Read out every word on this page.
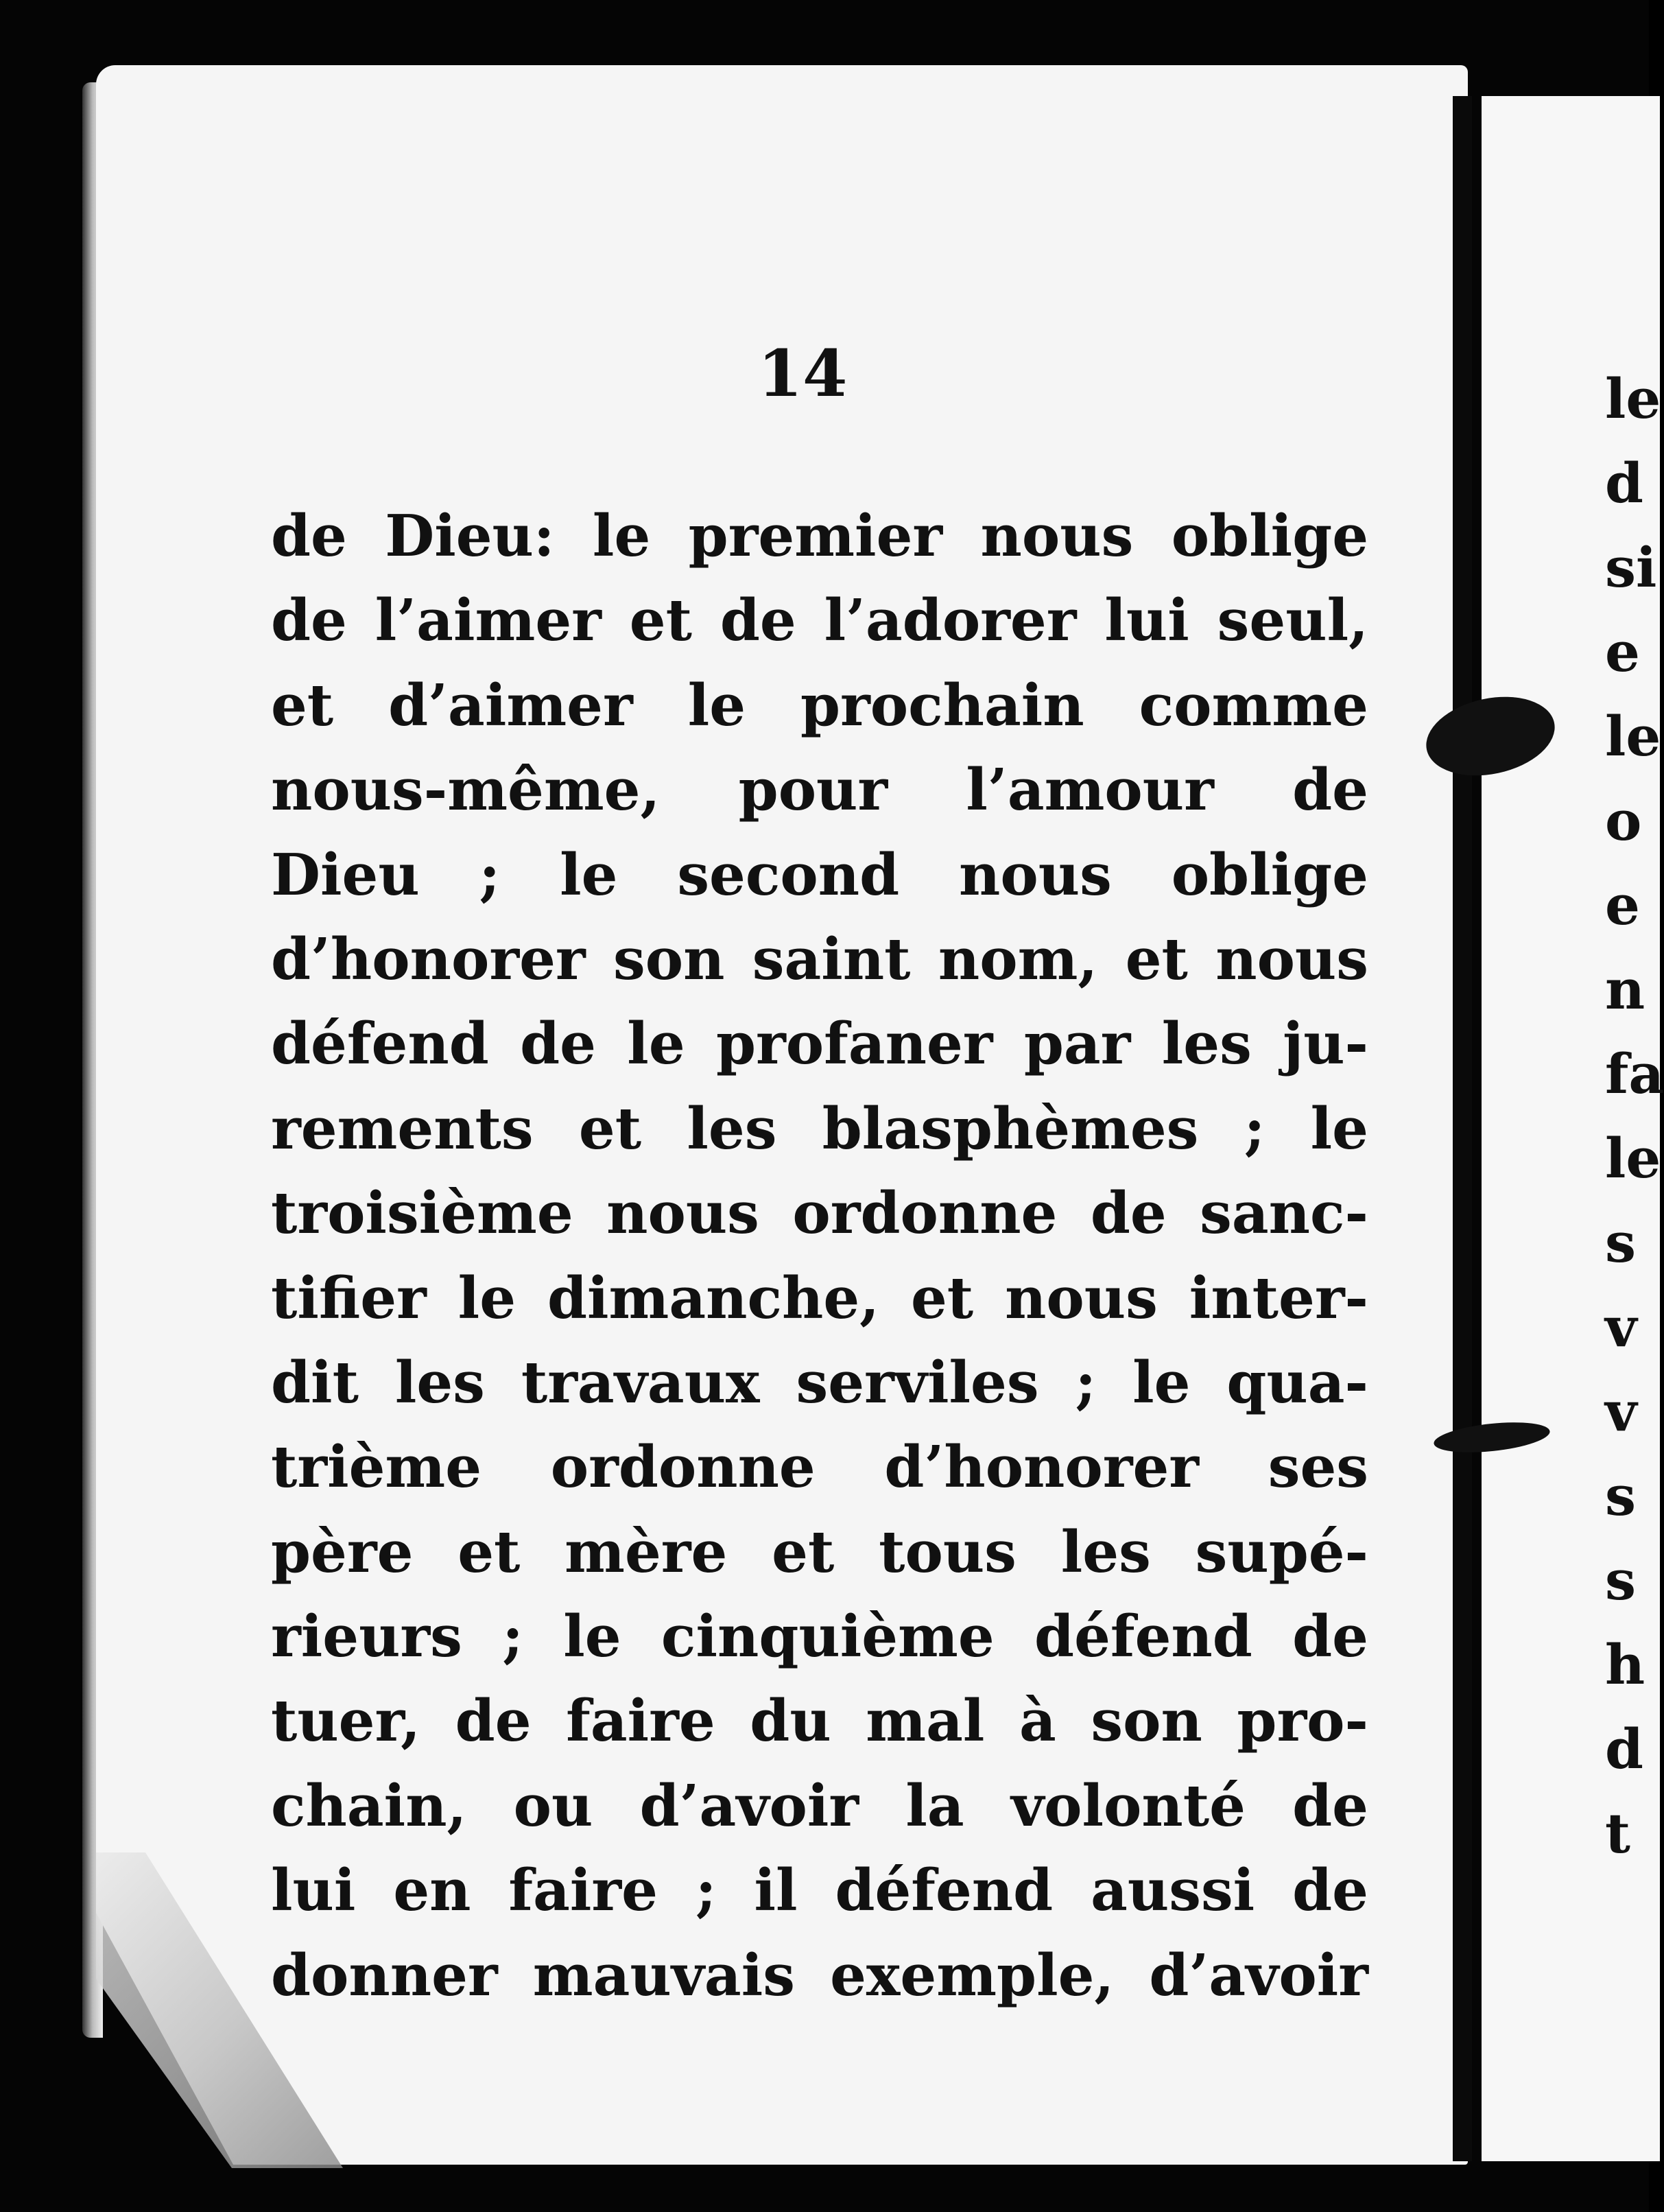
le
d
si
e
le
o
e
n
fa
le
s
v
v
s
s
h
d
t
14
de Dieu: le premier nous oblige
de l’aimer et de l’adorer lui seul,
et d’aimer le prochain comme
nous-même, pour l’amour de
Dieu ; le second nous oblige
d’honorer son saint nom, et nous
défend de le profaner par les ju-
rements et les blasphèmes ; le
troisième nous ordonne de sanc-
tifier le dimanche, et nous inter-
dit les travaux serviles ; le qua-
trième ordonne d’honorer ses
père et mère et tous les supé-
rieurs ; le cinquième défend de
tuer, de faire du mal à son pro-
chain, ou d’avoir la volonté de
lui en faire ; il défend aussi de
donner mauvais exemple, d’avoir
